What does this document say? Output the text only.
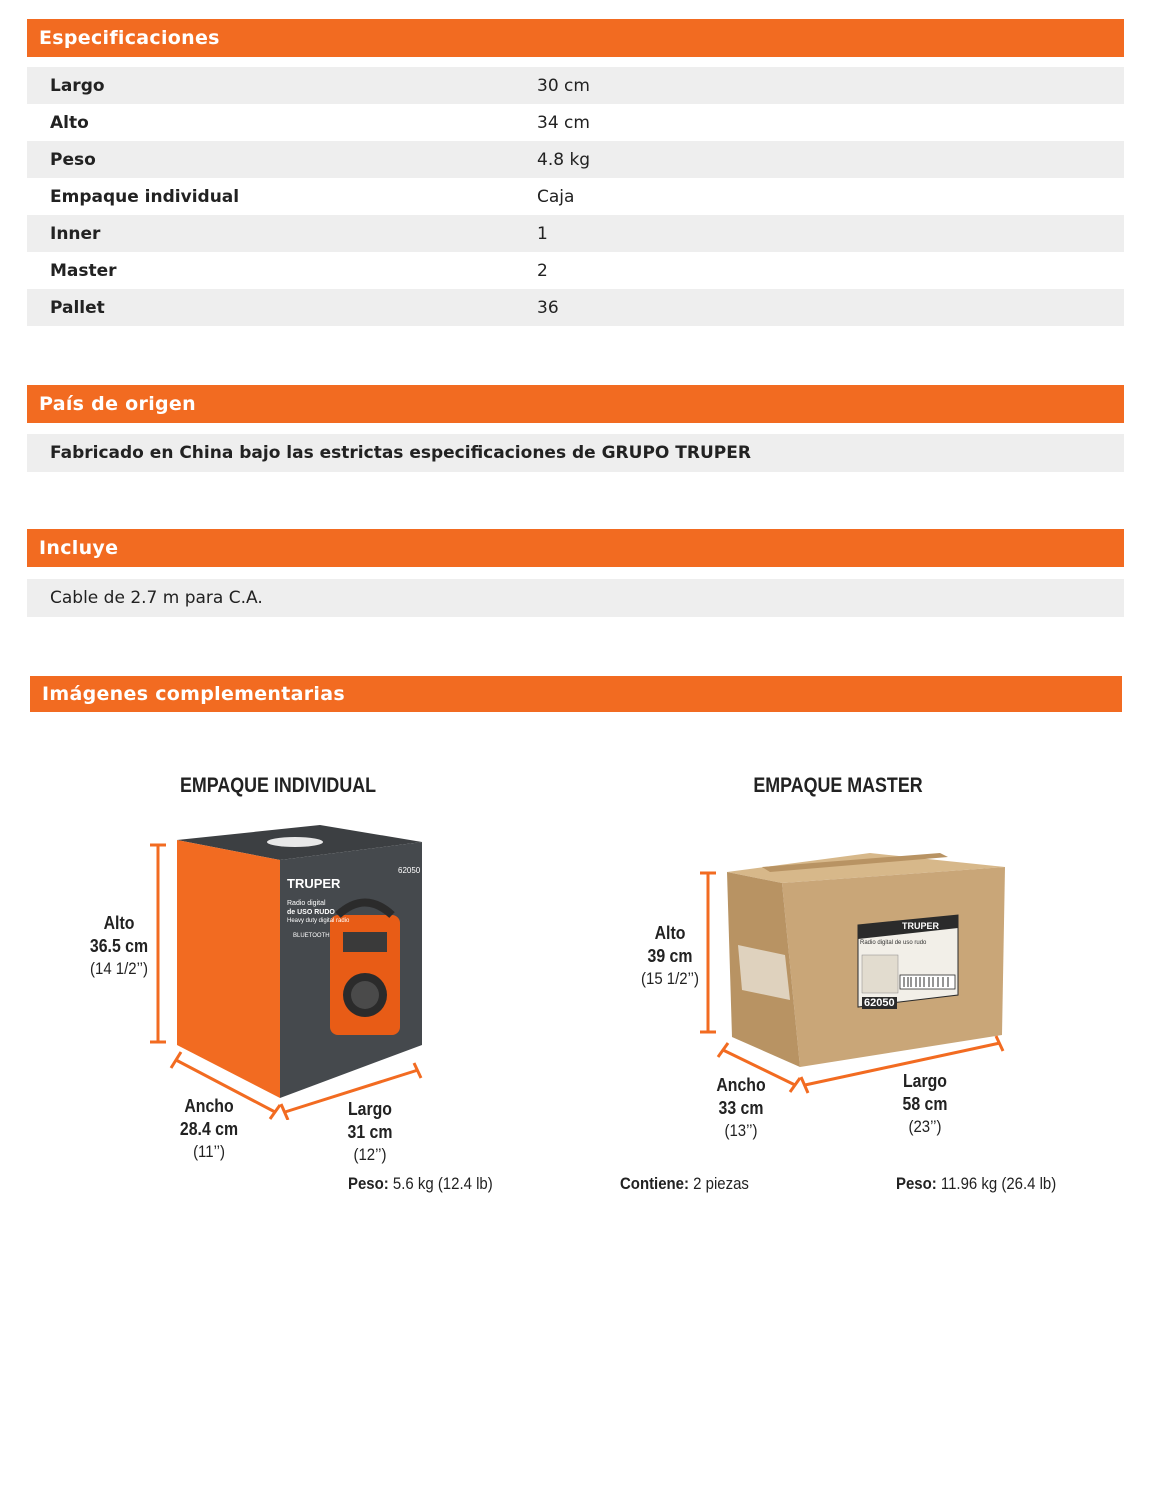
Especificaciones
Largo	30 cm
Alto	34 cm
Peso	4.8 kg
Empaque individual	Caja
Inner	1
Master	2
Pallet	36
País de origen
Fabricado en China bajo las estrictas especificaciones de GRUPO TRUPER
Incluye
Cable de 2.7 m para C.A.
Imágenes complementarias
EMPAQUE INDIVIDUAL
TRUPER
62050
Radio digital
de USO RUDO
Heavy duty digital radio
BLUETOOTH
Alto
36.5 cm
(14 1/2’’)
Ancho
28.4 cm
(11’’)
Largo
31 cm
(12’’)
Peso: 5.6 kg (12.4 lb)
EMPAQUE MASTER
TRUPER
Radio digital de uso rudo
62050
Alto
39 cm
(15 1/2’’)
Ancho
33 cm
(13’’)
Largo
58 cm
(23’’)
Contiene: 2 piezas	Peso: 11.96 kg (26.4 lb)
